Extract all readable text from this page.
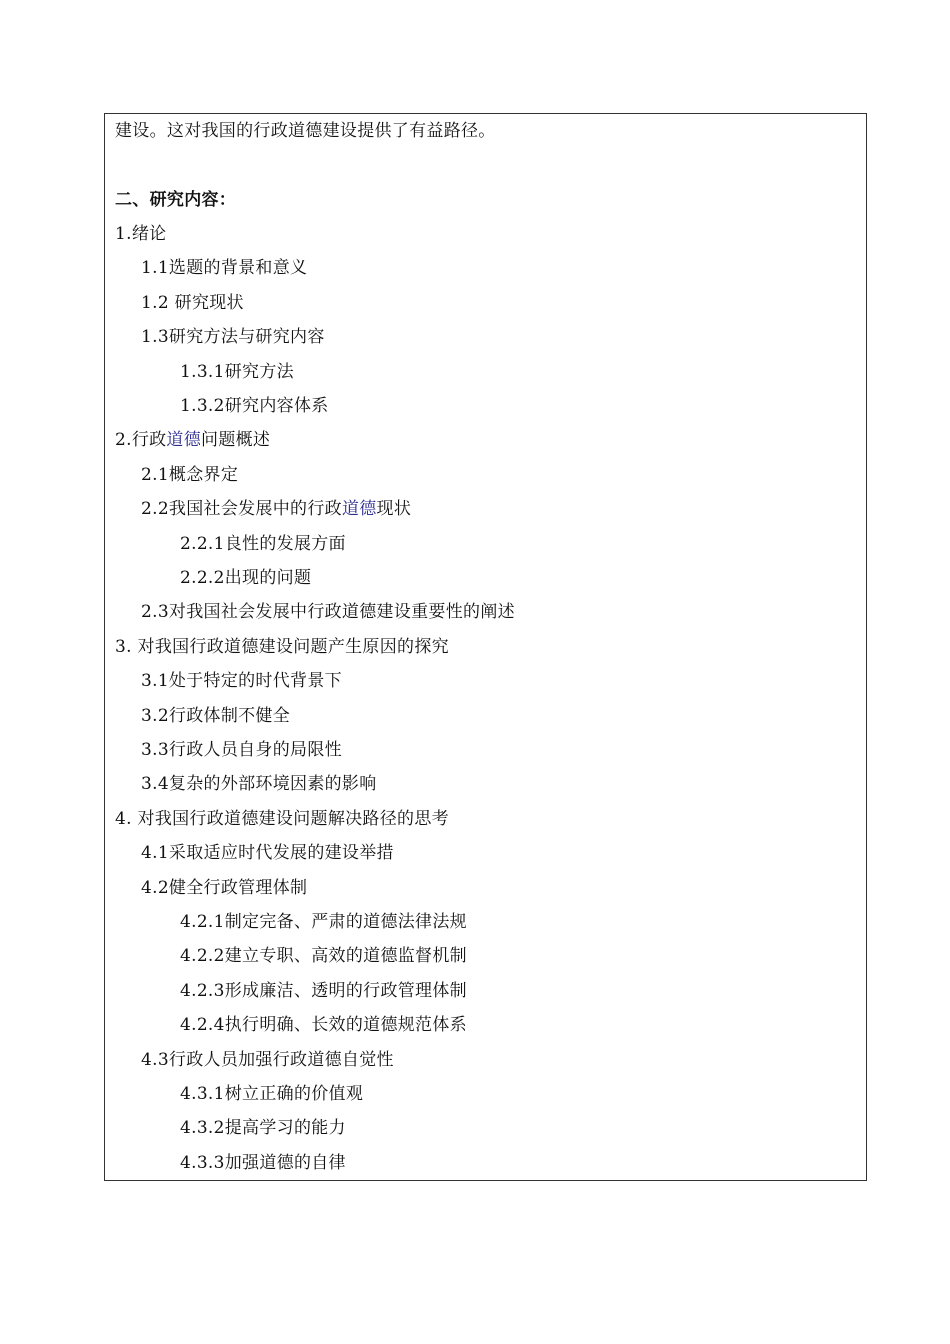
建设。这对我国的行政道德建设提供了有益路径。
二、研究内容：
1.绪论
1.1选题的背景和意义
1.2 研究现状
1.3研究方法与研究内容
1.3.1研究方法
1.3.2研究内容体系
2.行政道德问题概述
2.1概念界定
2.2我国社会发展中的行政道德现状
2.2.1良性的发展方面
2.2.2出现的问题
2.3对我国社会发展中行政道德建设重要性的阐述
3. 对我国行政道德建设问题产生原因的探究
3.1处于特定的时代背景下
3.2行政体制不健全
3.3行政人员自身的局限性
3.4复杂的外部环境因素的影响
4. 对我国行政道德建设问题解决路径的思考
4.1采取适应时代发展的建设举措
4.2健全行政管理体制
4.2.1制定完备、严肃的道德法律法规
4.2.2建立专职、高效的道德监督机制
4.2.3形成廉洁、透明的行政管理体制
4.2.4执行明确、长效的道德规范体系
4.3行政人员加强行政道德自觉性
4.3.1树立正确的价值观
4.3.2提高学习的能力
4.3.3加强道德的自律
